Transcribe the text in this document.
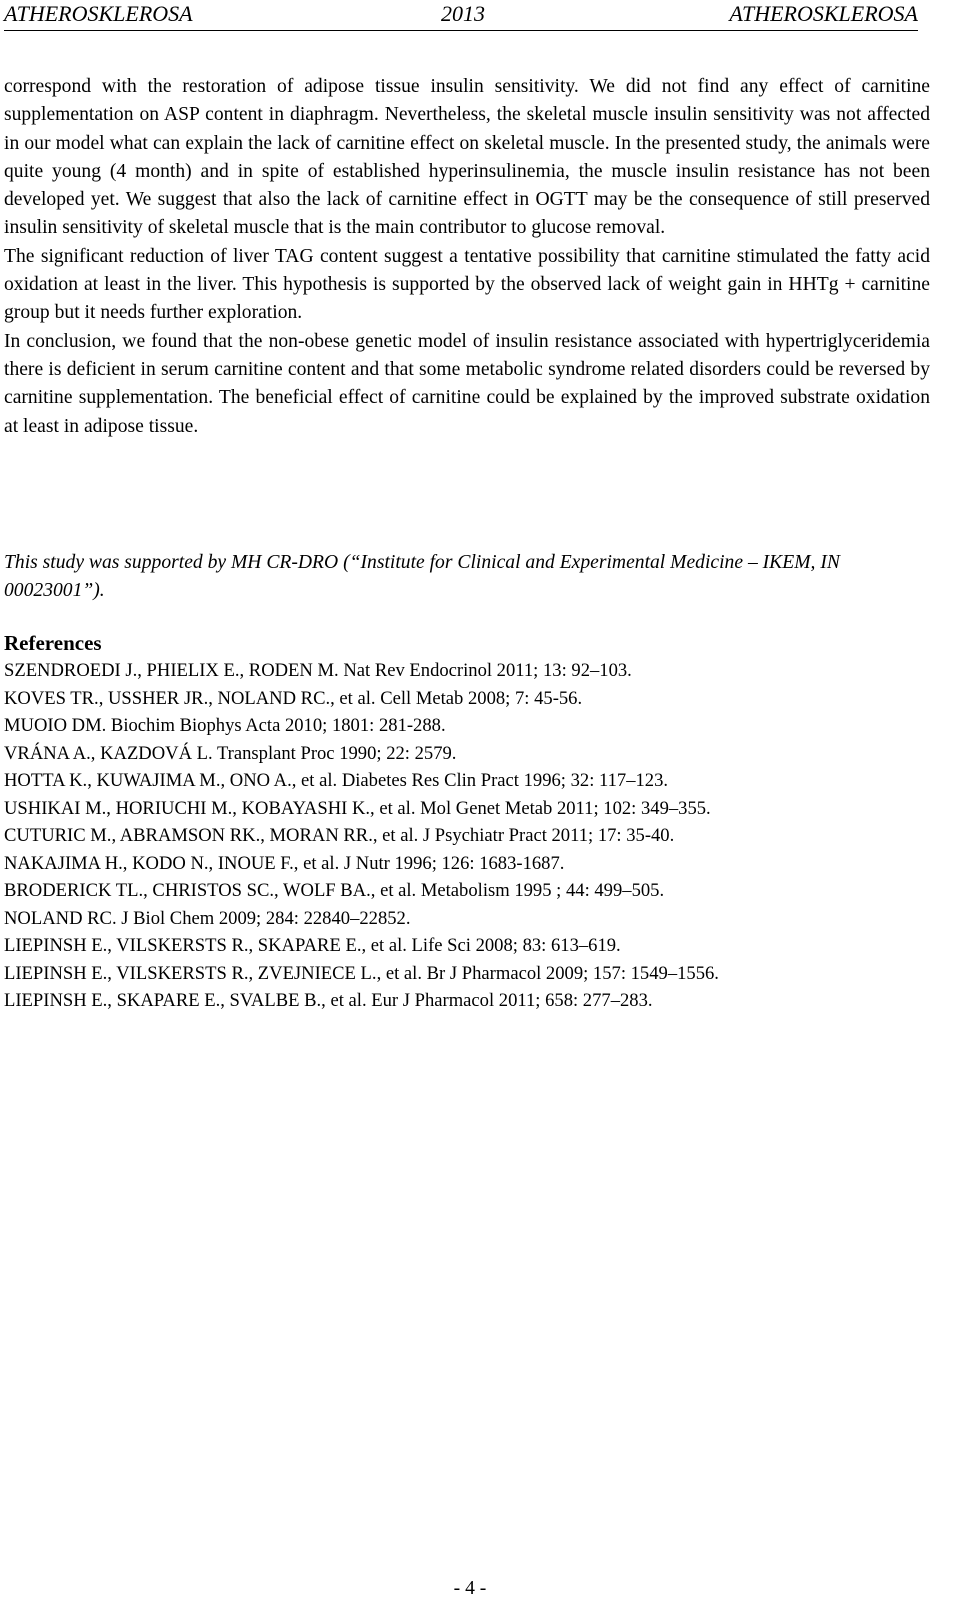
ATHEROSKLEROSA	2013	ATHEROSKLEROSA

correspond with the restoration of adipose tissue insulin sensitivity. We did not find any effect of carnitine supplementation on ASP content in diaphragm. Nevertheless, the skeletal muscle insulin sensitivity was not affected in our model what can explain the lack of carnitine effect on skeletal muscle. In the presented study, the animals were quite young (4 month) and in spite of established hyperinsulinemia, the muscle insulin resistance has not been developed yet. We suggest that also the lack of carnitine effect in OGTT may be the consequence of still preserved insulin sensitivity of skeletal muscle that is the main contributor to glucose removal.

The significant reduction of liver TAG content suggest a tentative possibility that carnitine stimulated the fatty acid oxidation at least in the liver. This hypothesis is supported by the observed lack of weight gain in HHTg + carnitine group but it needs further exploration.

In conclusion, we found that the non-obese genetic model of insulin resistance associated with hypertriglyceridemia there is deficient in serum carnitine content and that some metabolic syndrome related disorders could be reversed by carnitine supplementation. The beneficial effect of carnitine could be explained by the improved substrate oxidation at least in adipose tissue.

This study was supported by MH CR-DRO (“Institute for Clinical and Experimental Medicine – IKEM, IN 00023001”).
References
SZENDROEDI J., PHIELIX E., RODEN M. Nat Rev Endocrinol 2011; 13: 92–103.
KOVES TR., USSHER JR., NOLAND RC., et al. Cell Metab 2008; 7: 45-56.
MUOIO DM. Biochim Biophys Acta 2010; 1801: 281-288.
VRÁNA A., KAZDOVÁ L. Transplant Proc 1990; 22: 2579.
HOTTA K., KUWAJIMA M., ONO A., et al. Diabetes Res Clin Pract 1996; 32: 117–123.
USHIKAI M., HORIUCHI M., KOBAYASHI K., et al. Mol Genet Metab 2011; 102: 349–355.
CUTURIC M., ABRAMSON RK., MORAN RR., et al. J Psychiatr Pract 2011; 17: 35-40.
NAKAJIMA H., KODO N., INOUE F., et al. J Nutr 1996; 126: 1683-1687.
BRODERICK TL., CHRISTOS SC., WOLF BA., et al. Metabolism 1995 ; 44: 499–505.
NOLAND RC. J Biol Chem 2009; 284: 22840–22852.
LIEPINSH E., VILSKERSTS R., SKAPARE E., et al. Life Sci 2008; 83: 613–619.
LIEPINSH E., VILSKERSTS R., ZVEJNIECE L., et al. Br J Pharmacol 2009; 157: 1549–1556.
LIEPINSH E., SKAPARE E., SVALBE B., et al. Eur J Pharmacol 2011; 658: 277–283.
- 4 -
